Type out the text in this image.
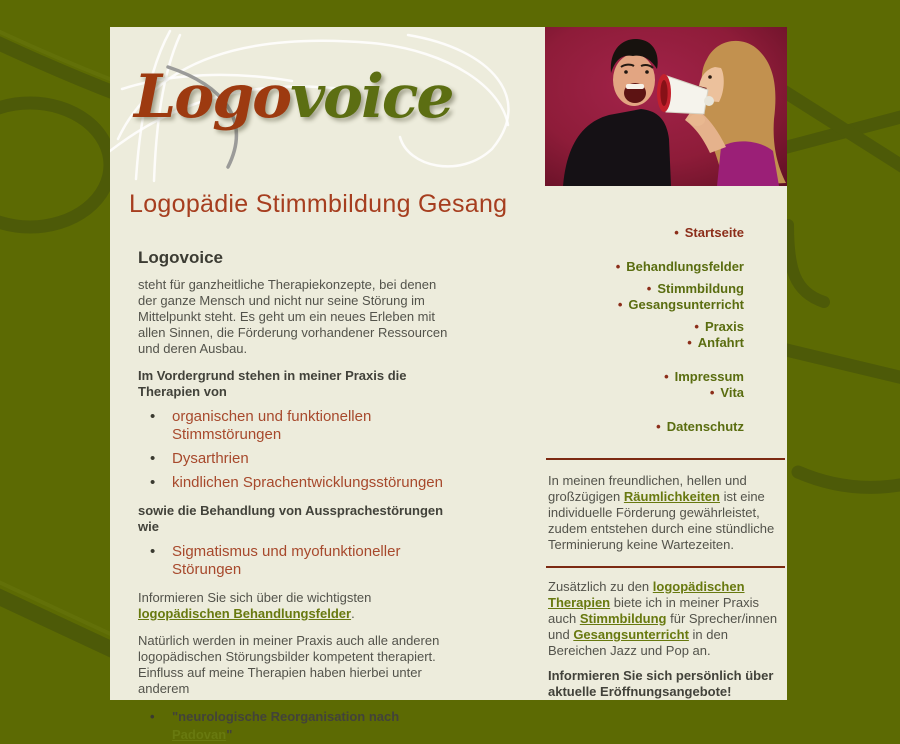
Logovoice
Logopädie Stimmbildung Gesang
Logovoice

steht für ganzheitliche Therapiekonzepte, bei denen der ganze Mensch und nicht nur seine Störung im Mittelpunkt steht. Es geht um ein neues Erleben mit allen Sinnen, die Förderung vorhandener Ressourcen und deren Ausbau.

Im Vordergrund stehen in meiner Praxis die Therapien von

• organischen und funktionellen Stimmstörungen
• Dysarthrien
• kindlichen Sprachentwicklungsstörungen

sowie die Behandlung von Aussprachestörungen wie

• Sigmatismus und myofunktioneller Störungen

Informieren Sie sich über die wichtigsten logopädischen Behandlungsfelder.

Natürlich werden in meiner Praxis auch alle anderen logopädischen Störungsbilder kompetent therapiert. Einfluss auf meine Therapien haben hierbei unter anderem

• "neurologische Reorganisation nach Padovan"
• Startseite
• Behandlungsfelder
• Stimmbildung
• Gesangsunterricht
• Praxis
• Anfahrt
• Impressum
• Vita
• Datenschutz
In meinen freundlichen, hellen und großzügigen Räumlichkeiten ist eine individuelle Förderung gewährleistet, zudem entstehen durch eine stündliche Terminierung keine Wartezeiten.
Zusätzlich zu den logopädischen Therapien biete ich in meiner Praxis auch Stimmbildung für Sprecher/innen und Gesangsunterricht in den Bereichen Jazz und Pop an.
Informieren Sie sich persönlich über aktuelle Eröffnungsangebote!
